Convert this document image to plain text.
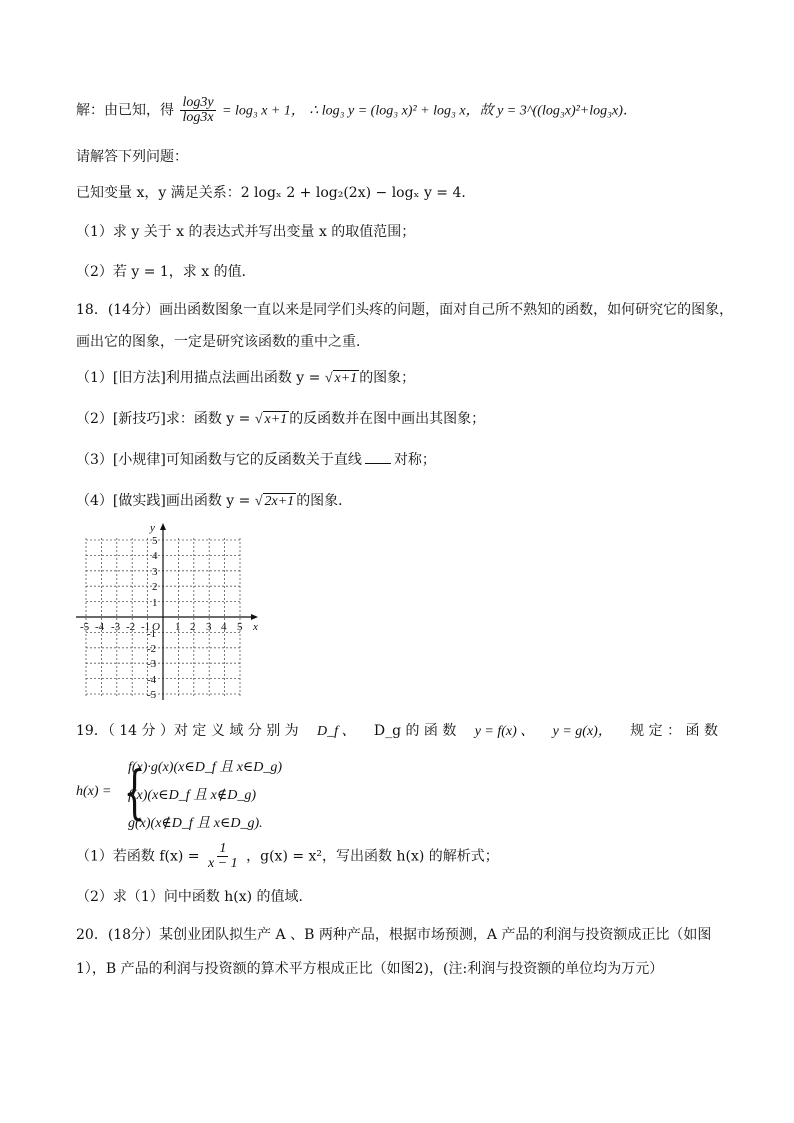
解：由已知，得 $\frac{\log 3y}{\log 3x} = \log_3$ x + 1， ∴ log₃ y = (log₃ x)² + log₃ x，故 y = 3^((log₃x)²+log₃x)．
请解答下列问题：
已知变量 x，y 满足关系：2 logₓ 2 + log₂(2x) − logₓ y = 4．
（1）求 y 关于 x 的表达式并写出变量 x 的取值范围；
（2）若 y = 1，求 x 的值．
18．(14分）画出函数图象一直以来是同学们头疼的问题，面对自己所不熟知的函数，如何研究它的图象，
画出它的图象，一定是研究该函数的重中之重．
（1）[旧方法]利用描点法画出函数 y = √ x+1 的图象；
（2）[新技巧]求：函数 y = √ x+1 的反函数并在图中画出其图象；
（3）[小规律]可知函数与它的反函数关于直线 对称；
（4）[做实践]画出函数 y = √ 2x+1 的图象．
x
y
O
-5 -4 -3 -2 -1 1 2 3 4 5
5
4
3
2
1
-1
-2
-3
-4
-5
19．（ 14 分 ）对 定 义 域 分 别 为 D_f 、 D_g 的 函 数 y = f(x) 、 y = g(x)， 规 定 ： 函 数
h(x) = {
f(x)·g(x)(x∈D_f 且 x∈D_g)
f(x)(x∈D_f 且 x∉D_g)
g(x)(x∉D_f 且 x∈D_g).
（1）若函数 $f(x) = \frac{1}{x - 1}$ ，g(x) = x²，写出函数 h(x) 的解析式；
（2）求（1）问中函数 h(x) 的值域．
20．(18分）某创业团队拟生产 A 、B 两种产品，根据市场预测，A 产品的利润与投资额成正比（如图
1），B 产品的利润与投资额的算术平方根成正比（如图2)，(注:利润与投资额的单位均为万元）
